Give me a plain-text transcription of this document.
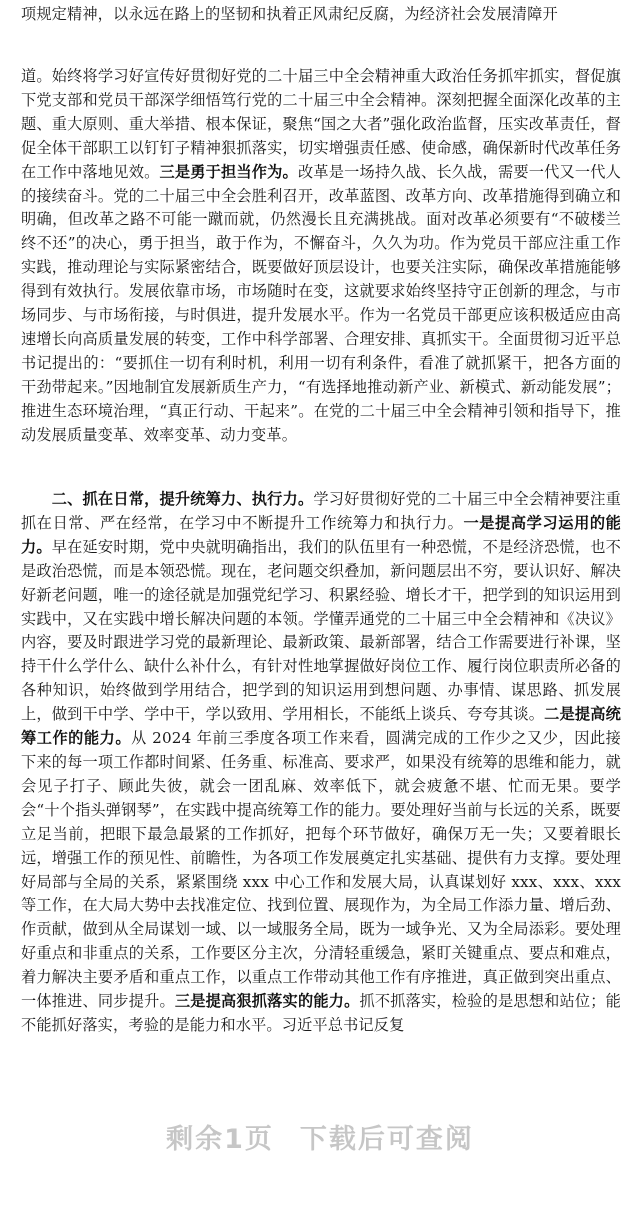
项规定精神，以永远在路上的坚韧和执着正风肃纪反腐，为经济社会发展清障开

道。始终将学习好宣传好贯彻好党的二十届三中全会精神重大政治任务抓牢抓实，督促旗下党支部和党员干部深学细悟笃行党的二十届三中全会精神。深刻把握全面深化改革的主题、重大原则、重大举措、根本保证，聚焦“国之大者”强化政治监督，压实改革责任，督促全体干部职工以钉钉子精神狠抓落实，切实增强责任感、使命感，确保新时代改革任务在工作中落地见效。三是勇于担当作为。改革是一场持久战、长久战，需要一代又一代人的接续奋斗。党的二十届三中全会胜利召开，改革蓝图、改革方向、改革措施得到确立和明确，但改革之路不可能一蹴而就，仍然漫长且充满挑战。面对改革必须要有“不破楼兰终不还”的决心，勇于担当，敢于作为，不懈奋斗，久久为功。作为党员干部应注重工作实践，推动理论与实际紧密结合，既要做好顶层设计，也要关注实际，确保改革措施能够得到有效执行。发展依靠市场，市场随时在变，这就要求始终坚持守正创新的理念，与市场同步、与市场衔接，与时俱进，提升发展水平。作为一名党员干部更应该积极适应由高速增长向高质量发展的转变，工作中科学部署、合理安排、真抓实干。全面贯彻习近平总书记提出的：“要抓住一切有利时机，利用一切有利条件，看准了就抓紧干，把各方面的干劲带起来。”因地制宜发展新质生产力，“有选择地推动新产业、新模式、新动能发展”；推进生态环境治理，“真正行动、干起来”。在党的二十届三中全会精神引领和指导下，推动发展质量变革、效率变革、动力变革。

　　二、抓在日常，提升统筹力、执行力。学习好贯彻好党的二十届三中全会精神要注重抓在日常、严在经常，在学习中不断提升工作统筹力和执行力。一是提高学习运用的能力。早在延安时期，党中央就明确指出，我们的队伍里有一种恐慌，不是经济恐慌，也不是政治恐慌，而是本领恐慌。现在，老问题交织叠加，新问题层出不穷，要认识好、解决好新老问题，唯一的途径就是加强党纪学习、积累经验、增长才干，把学到的知识运用到实践中，又在实践中增长解决问题的本领。学懂弄通党的二十届三中全会精神和《决议》内容，要及时跟进学习党的最新理论、最新政策、最新部署，结合工作需要进行补课，坚持干什么学什么、缺什么补什么，有针对性地掌握做好岗位工作、履行岗位职责所必备的各种知识，始终做到学用结合，把学到的知识运用到想问题、办事情、谋思路、抓发展上，做到干中学、学中干，学以致用、学用相长，不能纸上谈兵、夸夸其谈。二是提高统筹工作的能力。从 2024 年前三季度各项工作来看，圆满完成的工作少之又少，因此接下来的每一项工作都时间紧、任务重、标准高、要求严，如果没有统筹的思维和能力，就会见子打子、顾此失彼，就会一团乱麻、效率低下，就会疲惫不堪、忙而无果。要学会“十个指头弹钢琴”，在实践中提高统筹工作的能力。要处理好当前与长远的关系，既要立足当前，把眼下最急最紧的工作抓好，把每个环节做好，确保万无一失；又要着眼长远，增强工作的预见性、前瞻性，为各项工作发展奠定扎实基础、提供有力支撑。要处理好局部与全局的关系，紧紧围绕 xxx 中心工作和发展大局，认真谋划好 xxx、xxx、xxx 等工作，在大局大势中去找准定位、找到位置、展现作为，为全局工作添力量、增后劲、作贡献，做到从全局谋划一域、以一域服务全局，既为一域争光、又为全局添彩。要处理好重点和非重点的关系，工作要区分主次，分清轻重缓急，紧盯关键重点、要点和难点，着力解决主要矛盾和重点工作，以重点工作带动其他工作有序推进，真正做到突出重点、一体推进、同步提升。三是提高狠抓落实的能力。抓不抓落实，检验的是思想和站位；能不能抓好落实，考验的是能力和水平。习近平总书记反复

剩余1页 下载后可查阅
